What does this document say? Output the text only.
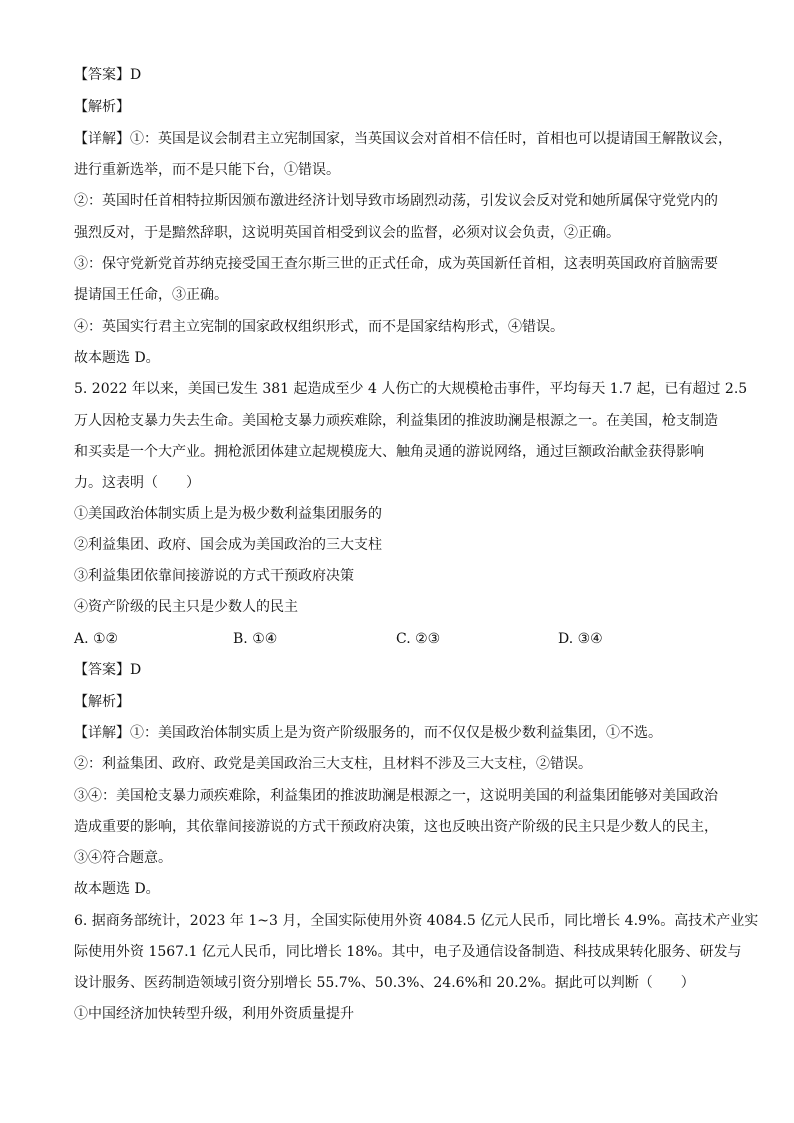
【答案】D
【解析】
【详解】①：英国是议会制君主立宪制国家，当英国议会对首相不信任时，首相也可以提请国王解散议会，
进行重新选举，而不是只能下台，①错误。
②：英国时任首相特拉斯因颁布激进经济计划导致市场剧烈动荡，引发议会反对党和她所属保守党党内的
强烈反对，于是黯然辞职，这说明英国首相受到议会的监督，必须对议会负责，②正确。
③：保守党新党首苏纳克接受国王查尔斯三世的正式任命，成为英国新任首相，这表明英国政府首脑需要
提请国王任命，③正确。
④：英国实行君主立宪制的国家政权组织形式，而不是国家结构形式，④错误。
故本题选 D。
5. 2022 年以来，美国已发生 381 起造成至少 4 人伤亡的大规模枪击事件，平均每天 1.7 起，已有超过 2.5
万人因枪支暴力失去生命。美国枪支暴力顽疾难除，利益集团的推波助澜是根源之一。在美国，枪支制造
和买卖是一个大产业。拥枪派团体建立起规模庞大、触角灵通的游说网络，通过巨额政治献金获得影响
力。这表明（　　）
①美国政治体制实质上是为极少数利益集团服务的
②利益集团、政府、国会成为美国政治的三大支柱
③利益集团依靠间接游说的方式干预政府决策
④资产阶级的民主只是少数人的民主
A. ①②	B. ①④	C. ②③	D. ③④
【答案】D
【解析】
【详解】①：美国政治体制实质上是为资产阶级服务的，而不仅仅是极少数利益集团，①不选。
②：利益集团、政府、政党是美国政治三大支柱，且材料不涉及三大支柱，②错误。
③④：美国枪支暴力顽疾难除，利益集团的推波助澜是根源之一，这说明美国的利益集团能够对美国政治
造成重要的影响，其依靠间接游说的方式干预政府决策，这也反映出资产阶级的民主只是少数人的民主，
③④符合题意。
故本题选 D。
6. 据商务部统计，2023 年 1~3 月，全国实际使用外资 4084.5 亿元人民币，同比增长 4.9%。高技术产业实
际使用外资 1567.1 亿元人民币，同比增长 18%。其中，电子及通信设备制造、科技成果转化服务、研发与
设计服务、医药制造领域引资分别增长 55.7%、50.3%、24.6%和 20.2%。据此可以判断（　　）
①中国经济加快转型升级，利用外资质量提升
